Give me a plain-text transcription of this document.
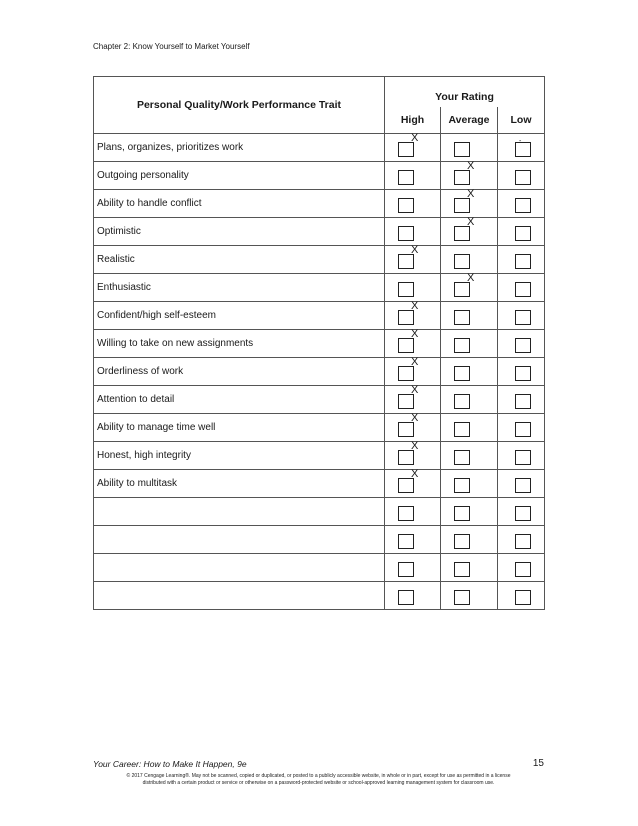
Chapter 2: Know Yourself to Market Yourself
Personal Quality/Work Performance Trait	Your Rating		
	High	Average	Low
Plans, organizes, prioritizes work	X		-

Outgoing personality		X	

Ability to handle conflict		X	

Optimistic		X	

Realistic	X		

Enthusiastic		X	

Confident/high self-esteem	X		

Willing to take on new assignments	X		

Orderliness of work	X		

Attention to detail	X		

Ability to manage time well	X		

Honest, high integrity	X		

Ability to multitask	X		

Your Career: How to Make It Happen, 9e	15
© 2017 Cengage Learning®. May not be scanned, copied or duplicated, or posted to a publicly accessible website, in whole or in part, except for use as permitted in a license
distributed with a certain product or service or otherwise on a password-protected website or school-approved learning management system for classroom use.
